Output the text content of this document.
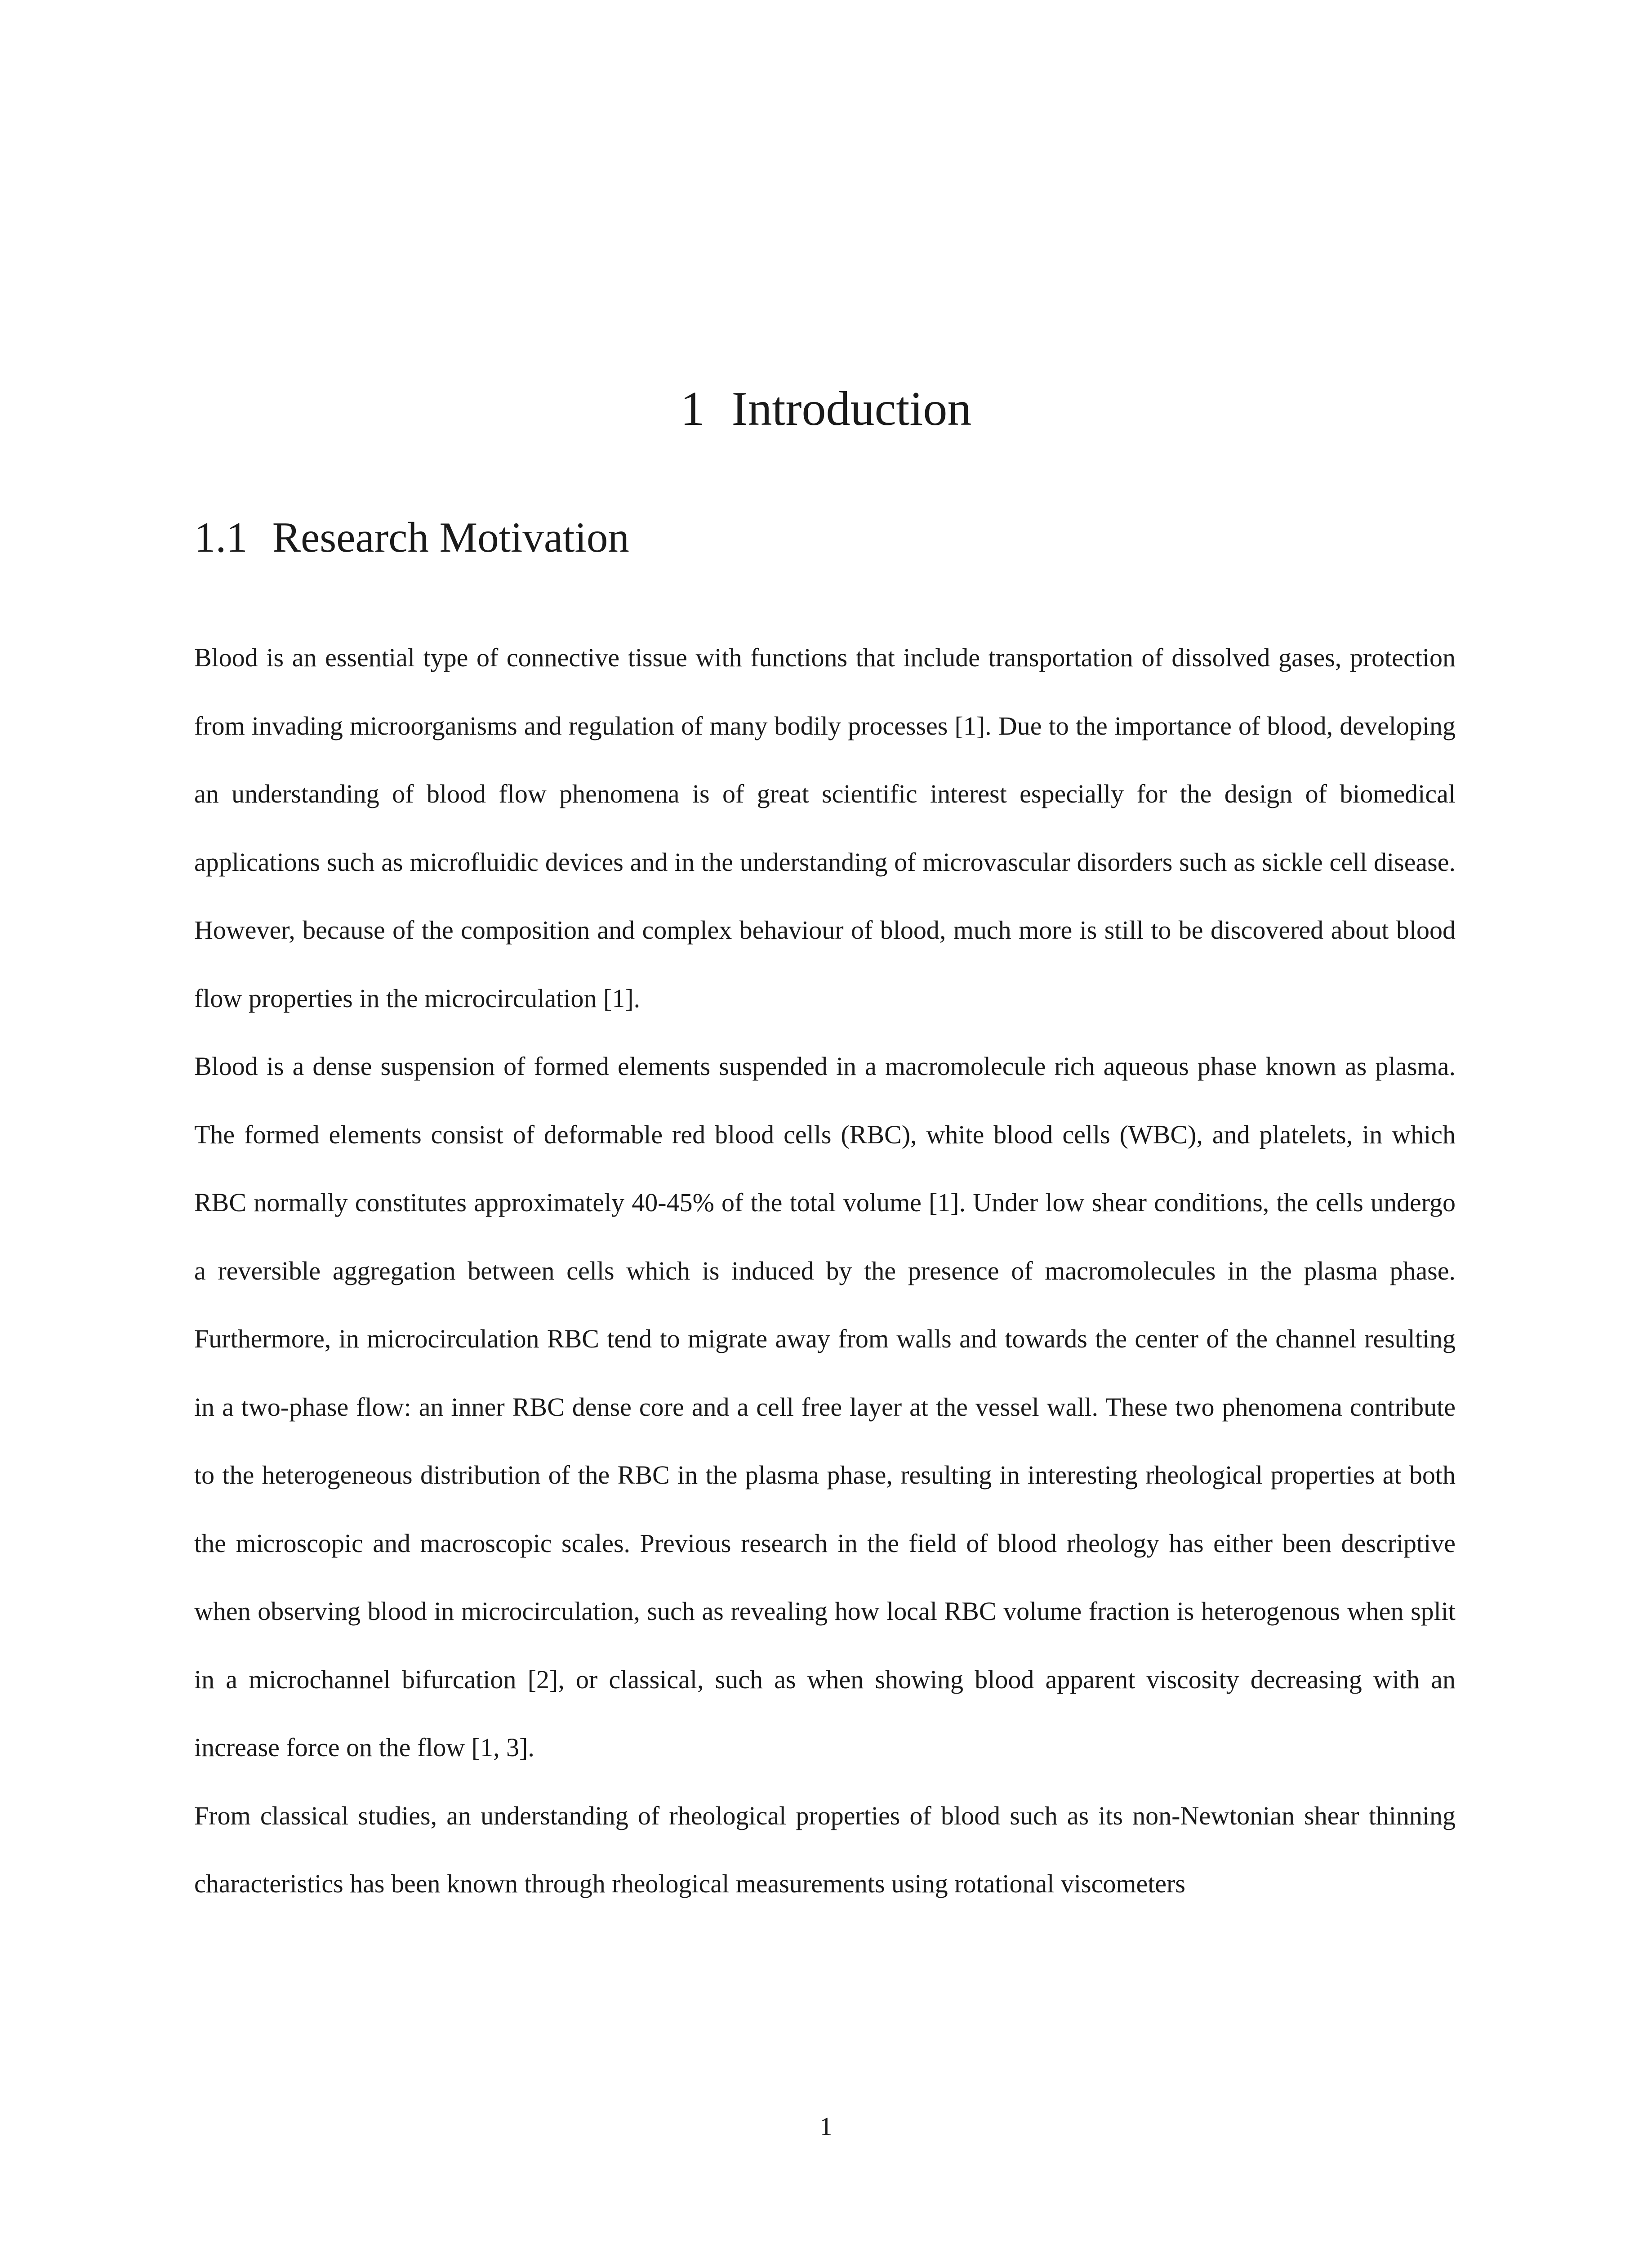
1 Introduction
1.1 Research Motivation

Blood is an essential type of connective tissue with functions that include transportation of dissolved gases, protection from invading microorganisms and regulation of many bodily processes [1]. Due to the importance of blood, developing an understanding of blood flow phenomena is of great scientific interest especially for the design of biomedical applications such as microfluidic devices and in the understanding of microvascular disorders such as sickle cell disease. However, because of the composition and complex behaviour of blood, much more is still to be discovered about blood flow properties in the microcirculation [1].

Blood is a dense suspension of formed elements suspended in a macromolecule rich aqueous phase known as plasma. The formed elements consist of deformable red blood cells (RBC), white blood cells (WBC), and platelets, in which RBC normally constitutes approximately 40-45% of the total volume [1]. Under low shear conditions, the cells undergo a reversible aggregation between cells which is induced by the presence of macromolecules in the plasma phase. Furthermore, in microcirculation RBC tend to migrate away from walls and towards the center of the channel resulting in a two-phase flow: an inner RBC dense core and a cell free layer at the vessel wall. These two phenomena contribute to the heterogeneous distribution of the RBC in the plasma phase, resulting in interesting rheological properties at both the microscopic and macroscopic scales. Previous research in the field of blood rheology has either been descriptive when observing blood in microcirculation, such as revealing how local RBC volume fraction is heterogenous when split in a microchannel bifurcation [2], or classical, such as when showing blood apparent viscosity decreasing with an increase force on the flow [1, 3].

From classical studies, an understanding of rheological properties of blood such as its non-Newtonian shear thinning characteristics has been known through rheological measurements using rotational viscometers

1
